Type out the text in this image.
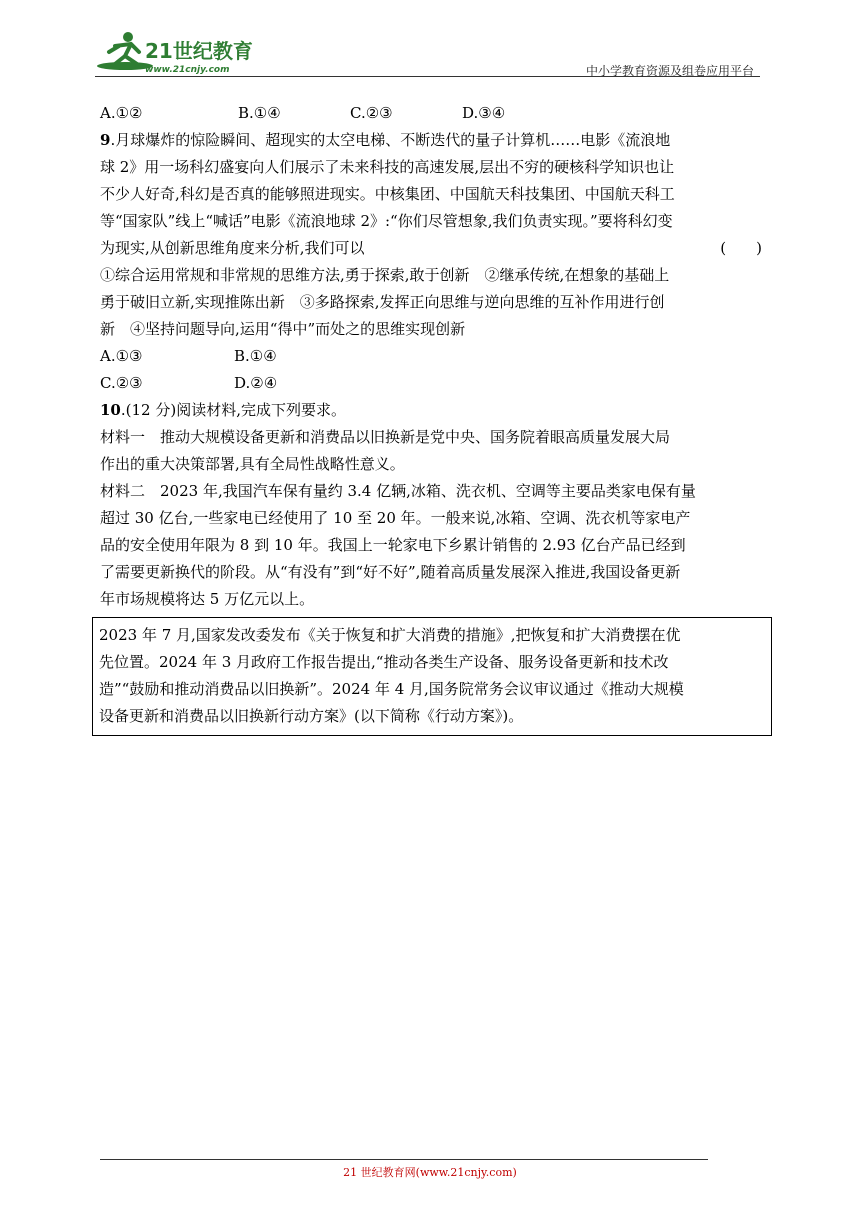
21世纪教育
www.21cnjy.com	中小学教育资源及组卷应用平台

A.①②	B.①④	C.②③	D.③④

9.月球爆炸的惊险瞬间、超现实的太空电梯、不断迭代的量子计算机……电影《流浪地

球 2》用一场科幻盛宴向人们展示了未来科技的高速发展,层出不穷的硬核科学知识也让

不少人好奇,科幻是否真的能够照进现实。中核集团、中国航天科技集团、中国航天科工

等“国家队”线上“喊话”电影《流浪地球 2》:“你们尽管想象,我们负责实现。”要将科幻变

为现实,从创新思维角度来分析,我们可以	(　　)

①综合运用常规和非常规的思维方法,勇于探索,敢于创新　②继承传统,在想象的基础上

勇于破旧立新,实现推陈出新　③多路探索,发挥正向思维与逆向思维的互补作用进行创

新　④坚持问题导向,运用“得中”而处之的思维实现创新

A.①③	B.①④

C.②③	D.②④

10.(12 分)阅读材料,完成下列要求。

材料一　推动大规模设备更新和消费品以旧换新是党中央、国务院着眼高质量发展大局

作出的重大决策部署,具有全局性战略性意义。

材料二　2023 年,我国汽车保有量约 3.4 亿辆,冰箱、洗衣机、空调等主要品类家电保有量

超过 30 亿台,一些家电已经使用了 10 至 20 年。一般来说,冰箱、空调、洗衣机等家电产

品的安全使用年限为 8 到 10 年。我国上一轮家电下乡累计销售的 2.93 亿台产品已经到

了需要更新换代的阶段。从“有没有”到“好不好”,随着高质量发展深入推进,我国设备更新

年市场规模将达 5 万亿元以上。

2023 年 7 月,国家发改委发布《关于恢复和扩大消费的措施》,把恢复和扩大消费摆在优

先位置。2024 年 3 月政府工作报告提出,“推动各类生产设备、服务设备更新和技术改

造”“鼓励和推动消费品以旧换新”。2024 年 4 月,国务院常务会议审议通过《推动大规模

设备更新和消费品以旧换新行动方案》(以下简称《行动方案》)。

21 世纪教育网(www.21cnjy.com)
